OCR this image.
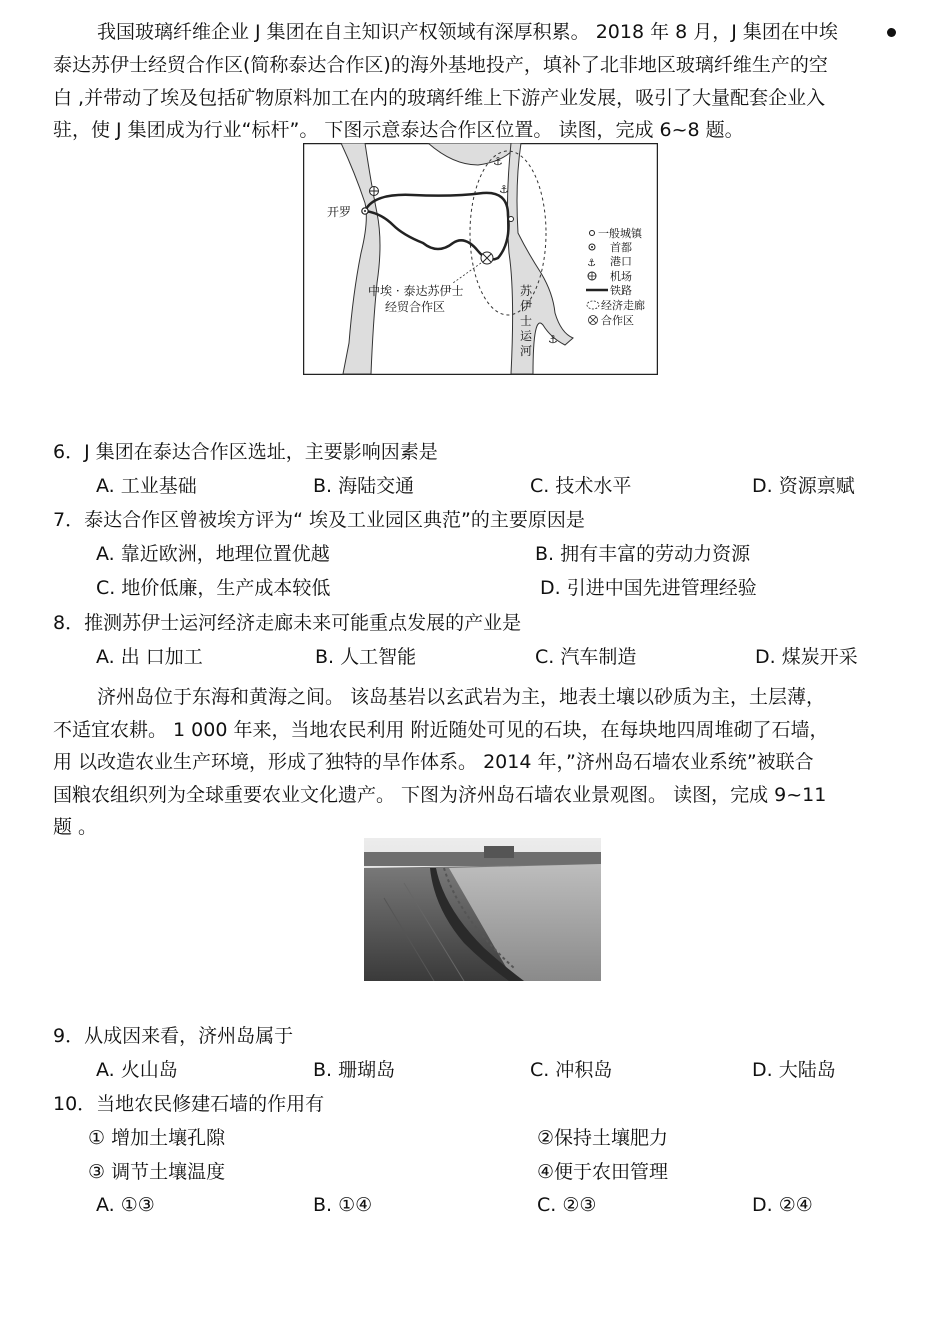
我国玻璃纤维企业 J 集团在自主知识产权领域有深厚积累。 2018 年 8 月，J 集团在中埃
泰达苏伊士经贸合作区(简称泰达合作区)的海外基地投产，填补了北非地区玻璃纤维生产的空
白 ,并带动了埃及包括矿物原料加工在内的玻璃纤维上下游产业发展，吸引了大量配套企业入
驻，使 J 集团成为行业“标杆”。 下图示意泰达合作区位置。 读图，完成 6~8 题。
⚓
⚓
⚓
开罗
中埃 · 泰达苏伊士
经贸合作区
苏
伊
士
运
河
一般城镇
首都
⚓ 港口
机场
铁路
经济走廊
合作区
6．J 集团在泰达合作区选址，主要影响因素是
A. 工业基础	B. 海陆交通	C. 技术水平	D. 资源禀赋
7．泰达合作区曾被埃方评为“ 埃及工业园区典范”的主要原因是
A. 靠近欧洲，地理位置优越	B. 拥有丰富的劳动力资源
C. 地价低廉，生产成本较低	D. 引进中国先进管理经验
8．推测苏伊士运河经济走廊未来可能重点发展的产业是
A. 出 口加工	B. 人工智能	C. 汽车制造	D. 煤炭开采
济州岛位于东海和黄海之间。 该岛基岩以玄武岩为主，地表土壤以砂质为主，土层薄，
不适宜农耕。 1 000 年来，当地农民利用 附近随处可见的石块，在每块地四周堆砌了石墙，
用 以改造农业生产环境，形成了独特的旱作体系。 2014 年，”济州岛石墙农业系统”被联合
国粮农组织列为全球重要农业文化遗产。 下图为济州岛石墙农业景观图。 读图，完成 9~11
题 。
9．从成因来看，济州岛属于
A. 火山岛	B. 珊瑚岛	C. 冲积岛	D. 大陆岛
10．当地农民修建石墙的作用有
① 增加土壤孔隙	②保持土壤肥力
③ 调节土壤温度	④便于农田管理
A. ①③	B. ①④	C. ②③	D. ②④
